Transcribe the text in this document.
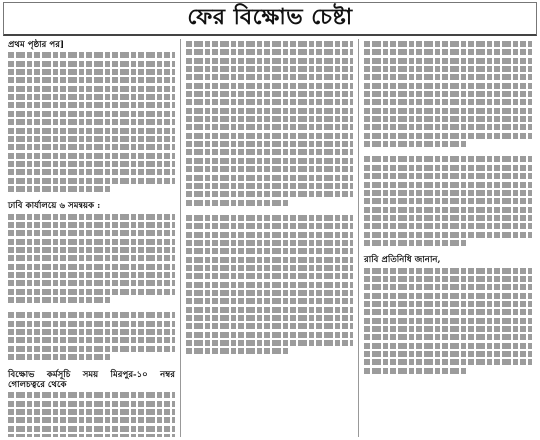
ফের বিক্ষোভ চেষ্টা
প্রথম পৃষ্ঠার পর]
ঢাবি কার্যালয়ে ৬ সমন্বয়ক :
বিক্ষোভ কর্মসূচি সময় মিরপুর-১০ নম্বর গোলচত্বরে থেকে
রাবি প্রতিনিধি জানান,
